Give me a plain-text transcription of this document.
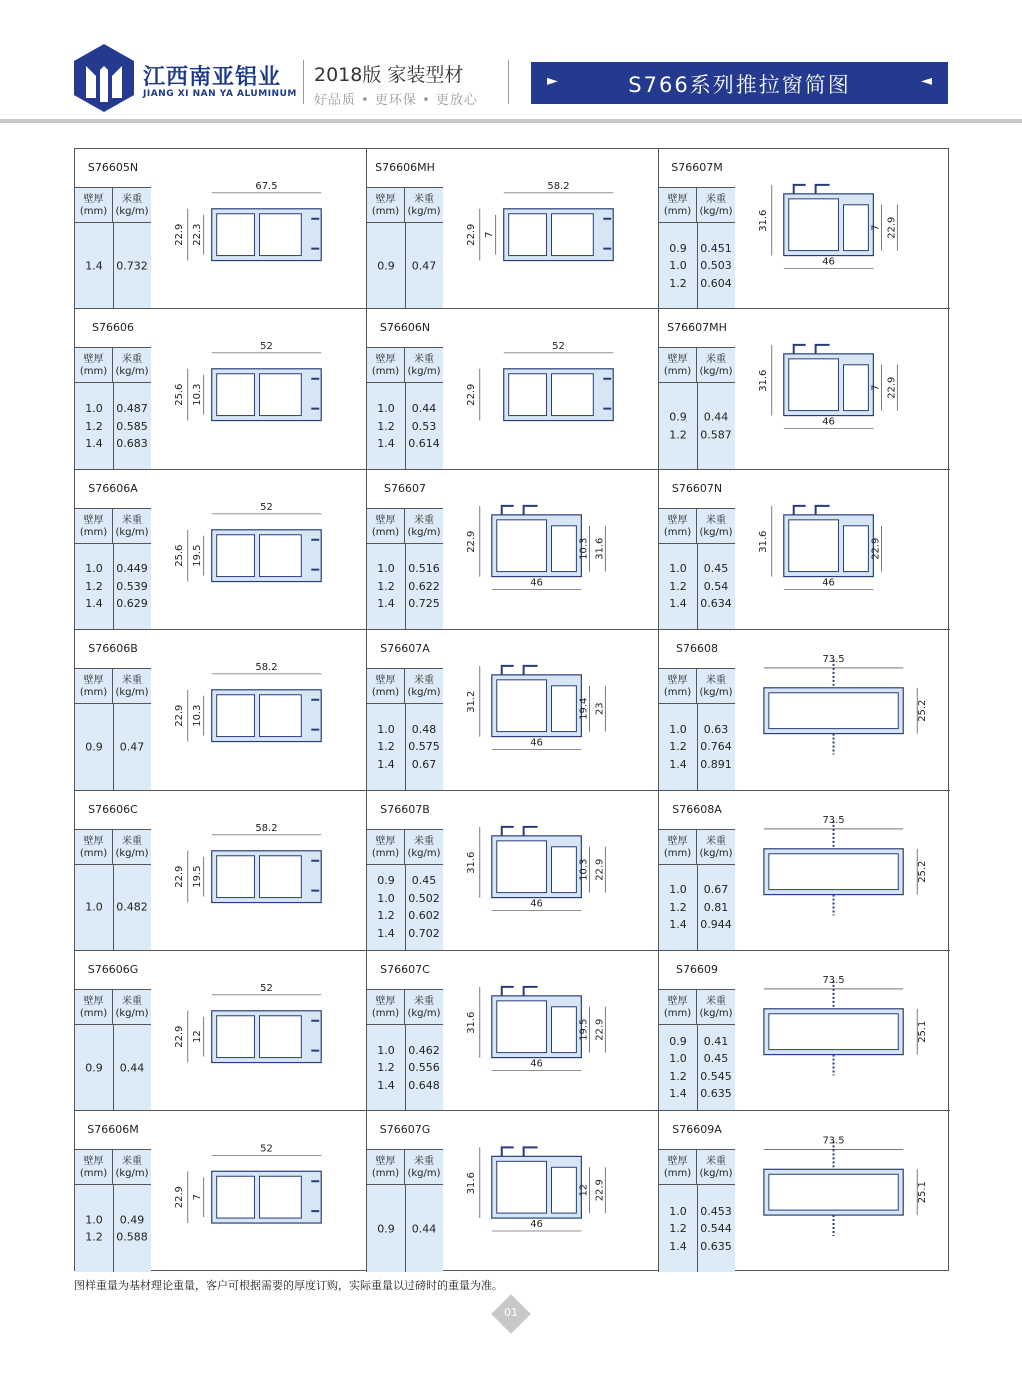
江西南亚铝业
JIANG XI NAN YA ALUMINUM
2018版 家装型材
好品质 • 更环保 • 更放心
►	S766系列推拉窗简图	◄
S76605N
壁厚
(mm)
米重
(kg/m)
1.4	0.732
67.5
22.9 22.3
S76606MH
壁厚
(mm)
米重
(kg/m)
0.9	0.47
58.2
22.9 7
S76607M
壁厚
(mm)
米重
(kg/m)
0.9	0.451
1.0	0.503
1.2	0.604
46
31.6	7 22.9
S76606
壁厚
(mm)
米重
(kg/m)
1.0	0.487
1.2	0.585
1.4	0.683
52
25.6 10.3
S76606N
壁厚
(mm)
米重
(kg/m)
1.0	0.44
1.2	0.53
1.4	0.614
52
22.9
S76607MH
壁厚
(mm)
米重
(kg/m)
0.9	0.44
1.2	0.587
46
31.6	7 22.9
S76606A
壁厚
(mm)
米重
(kg/m)
1.0	0.449
1.2	0.539
1.4	0.629
52
25.6 19.5
S76607
壁厚
(mm)
米重
(kg/m)
1.0	0.516
1.2	0.622
1.4	0.725
46
22.9	10.3 31.6
S76607N
壁厚
(mm)
米重
(kg/m)
1.0	0.45
1.2	0.54
1.4	0.634
46
31.6	22.9
S76606B
壁厚
(mm)
米重
(kg/m)
0.9	0.47
58.2
22.9 10.3
S76607A
壁厚
(mm)
米重
(kg/m)
1.0	0.48
1.2	0.575
1.4	0.67
46
31.2	19.4 23
S76608
壁厚
(mm)
米重
(kg/m)
1.0	0.63
1.2	0.764
1.4	0.891
73.5
25.2
S76606C
壁厚
(mm)
米重
(kg/m)
1.0	0.482
58.2
22.9 19.5
S76607B
壁厚
(mm)
米重
(kg/m)
0.9	0.45
1.0	0.502
1.2	0.602
1.4	0.702
46
31.6	10.3 22.9
S76608A
壁厚
(mm)
米重
(kg/m)
1.0	0.67
1.2	0.81
1.4	0.944
73.5
25.2
S76606G
壁厚
(mm)
米重
(kg/m)
0.9	0.44
52
22.9 12
S76607C
壁厚
(mm)
米重
(kg/m)
1.0	0.462
1.2	0.556
1.4	0.648
46
31.6	19.5 22.9
S76609
壁厚
(mm)
米重
(kg/m)
0.9	0.41
1.0	0.45
1.2	0.545
1.4	0.635
73.5
25.1
S76606M
壁厚
(mm)
米重
(kg/m)
1.0	0.49
1.2	0.588
52
22.9 7
S76607G
壁厚
(mm)
米重
(kg/m)
0.9	0.44	46
31.6	12 22.9
S76609A
壁厚
(mm)
米重
(kg/m)
1.0	0.453
1.2	0.544
1.4	0.635
73.5
25.1
图样重量为基材理论重量，客户可根据需要的厚度订购，实际重量以过磅时的重量为准。
01
